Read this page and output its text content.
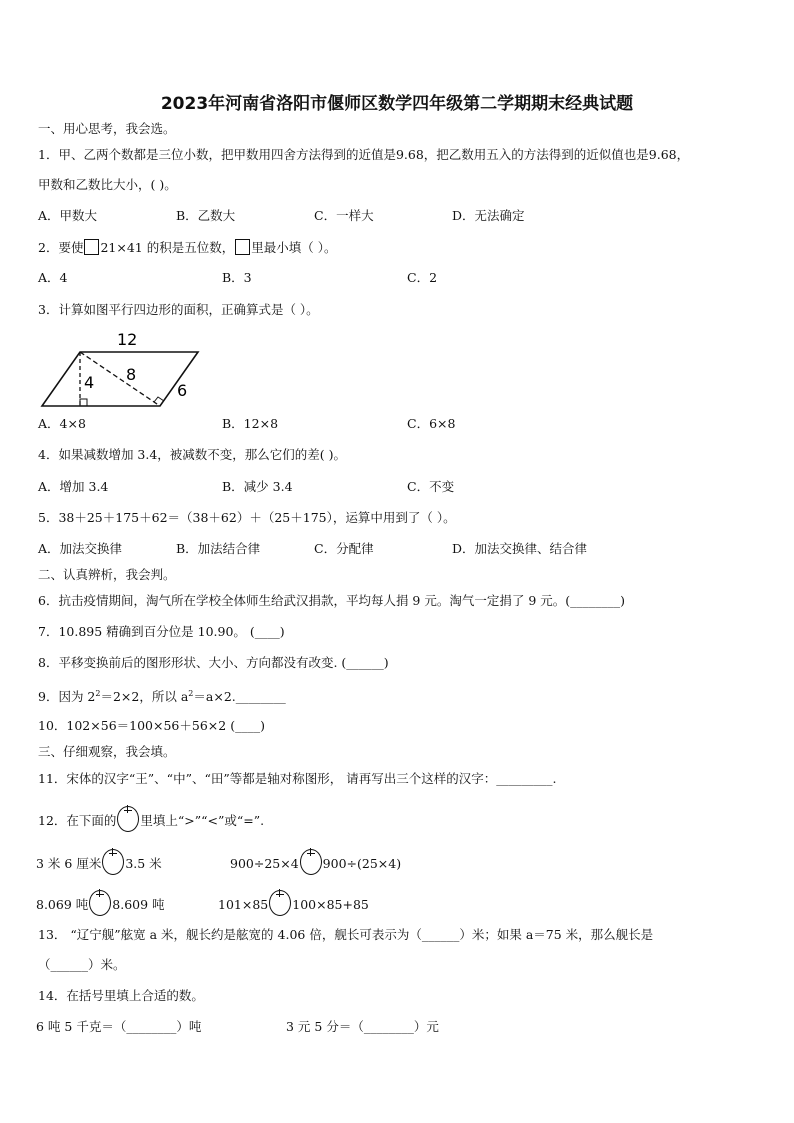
2023年河南省洛阳市偃师区数学四年级第二学期期末经典试题
一、用心思考，我会选。
1．甲、乙两个数都是三位小数，把甲数用四舍方法得到的近值是9.68，把乙数用五入的方法得到的近似值也是9.68，
甲数和乙数比大小，( )。
A．甲数大	B．乙数大	C．一样大	D．无法确定
2．要使 21×41 的积是五位数， 里最小填（ ）。
A．4	B．3	C．2
3．计算如图平行四边形的面积，正确算式是（ ）。
12
4 8
6
A．4×8	B．12×8	C．6×8
4．如果减数增加 3.4，被减数不变，那么它们的差( )。
A．增加 3.4	B．减少 3.4	C．不变
5．38＋25＋175＋62＝（38＋62）＋（25＋175），运算中用到了（ ）。
A．加法交换律	B．加法结合律	C．分配律	D．加法交换律、结合律
二、认真辨析，我会判。
6．抗击疫情期间，淘气所在学校全体师生给武汉捐款，平均每人捐 9 元。淘气一定捐了 9 元。(________)
7．10.895 精确到百分位是 10.90。 (____)
8．平移变换前后的图形形状、大小、方向都没有改变. (______)
9．因为 $2^2=2\times 2$，所以 $a^2=a\times 2.\_\_\_\_\_\_\_\_$
10．102×56＝100×56＋56×2 (____)
三、仔细观察，我会填。
11．宋体的汉字“王”、“中”、“田”等都是轴对称图形， 请再写出三个这样的汉字：_________.
12．在下面的 里填上“>”“<”或“=”.
3 米 6 厘米 3.5 米	900÷25×4 900÷(25×4)
8.069 吨 8.609 吨	101×85 100×85+85
13． “辽宁舰”舷宽 a 米，舰长约是舷宽的 4.06 倍，舰长可表示为（______）米；如果 a＝75 米，那么舰长是
（______）米。
14．在括号里填上合适的数。
6 吨 5 千克＝（________）吨	3 元 5 分＝（________）元
